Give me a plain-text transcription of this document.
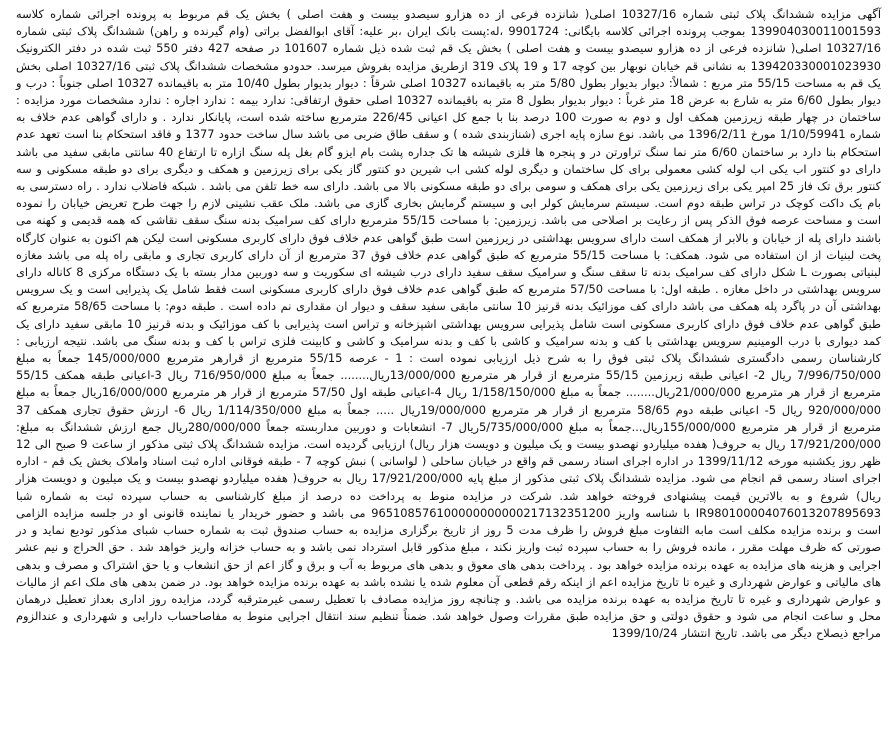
آگهی مزایده ششدانگ پلاک ثبتی شماره 10327/16 اصلی( شانزده فرعی از ده هزارو سیصدو بیست و هفت اصلی ) بخش یک قم مربوط به پرونده اجرائی شماره کلاسه 139904030011001593 بموجب پرونده اجرائی کلاسه بایگانی: 9901724 ،له:پست بانک ایران ،بر علیه: آقای ابوالفضل براتی (وام گیرنده و راهن) ششدانگ پلاک ثبتی شماره 10327/16 اصلی( شانزده فرعی از ده هزارو سیصدو بیست و هفت اصلی ) بخش یک قم ثبت شده ذیل شماره 101607 در صفحه 427 دفتر 550 ثبت شده در دفتر الکترونیک 139420330001023930 به نشانی قم خیابان نوبهار بین کوچه 17 و 19 پلاک 319 ازطریق مزایده بفروش میرسد. حدودو مشخصات ششدانگ پلاک ثبتی 10327/16 اصلی بخش یک قم به مساحت 55/15 متر مربع : شمالاً: دیوار بدیوار بطول 5/80 متر به باقیمانده 10327 اصلی شرقاً : دیوار بدیوار بطول 10/40 متر به باقیمانده 10327 اصلی جنوباً : درب و دیوار بطول 6/60 متر به شارع به عرض 18 متر غرباً : دیوار بدیوار بطول 8 متر به باقیمانده 10327 اصلی حقوق ارتفاقی: ندارد بیمه : ندارد اجاره : ندارد مشخصات مورد مزایده : ساختمان در چهار طبقه زیرزمین همکف اول و دوم به صورت 100 درصد بنا با جمع کل اعیانی 226/45 مترمربع ساخته شده است، پایانکار ندارد . و دارای گواهی عدم خلاف به شماره 1/10/59941 مورخ 1396/2/11 می باشد. نوع سازه پایه اجری (شنازبندی شده ) و سقف طاق ضربی می باشد سال ساخت حدود 1377 و فاقد استحکام بنا است تعهد عدم استحکام بنا دارد بر ساختمان 6/60 متر نما سنگ تراورتن در و پنجره ها فلزی شیشه ها تک جداره پشت بام ایزو گام بغل پله سنگ ازاره تا ارتفاع 40 سانتی مابقی سفید می باشد دارای دو کنتور اب یکی اب لوله کشی معمولی برای کل ساختمان و دیگری لوله کشی اب شیرین دو کنتور گاز یکی برای زیرزمین و همکف و دیگری برای دو طبقه مسکونی و سه کنتور برق تک فاز 25 امپر یکی برای زیرزمین یکی برای همکف و سومی برای دو طبقه مسکونی بالا می باشد. دارای سه خط تلفن می باشد . شبکه فاضلاب ندارد . راه دسترسی به بام یک داکت کوچک در تراس طبقه دوم است. سیستم سرمایش کولر ابی و سیستم گرمایش بخاری گازی می باشد. ملک عقب نشینی لازم را جهت طرح تعریض خیابان را نموده است و مساحت عرصه فوق الذکر پس از رعایت بر اصلاحی می باشد. زیرزمین: با مساحت 55/15 مترمربع دارای کف سرامیک بدنه سنگ سقف نقاشی که همه قدیمی و کهنه می باشند دارای پله از خیابان و بالابر از همکف است دارای سرویس بهداشتی در زیرزمین است طبق گواهی عدم خلاف فوق دارای کاربری مسکونی است لیکن هم اکنون به عنوان کارگاه پخت لبنیات از ان استفاده می شود. همکف: با مساحت 55/15 مترمربع که طبق گواهی عدم خلاف فوق 37 مترمربع از آن دارای کاربری تجاری و مابقی راه پله می باشد مغازه لبنیاتی بصورت L شکل دارای کف سرامیک بدنه تا سقف سنگ و سرامیک سقف سفید دارای درب شیشه ای سکوریت و سه دوربین مدار بسته با یک دستگاه مرکزی 8 کاناله دارای سرویس بهداشتی در داخل مغازه . طبقه اول: با مساحت 57/50 مترمربع که طبق گواهی عدم خلاف فوق دارای کاربری مسکونی است فقط شامل یک پذیرایی است و یک سرویس بهداشتی آن در پاگرد پله همکف می باشد دارای کف موزائیک بدنه قرنیز 10 سانتی مابقی سفید سقف و دیوار ان مقداری نم داده است . طبقه دوم: با مساحت 58/65 مترمربع که طبق گواهی عدم خلاف فوق دارای کاربری مسکونی است شامل پذیرایی سرویس بهداشتی اشپزخانه و تراس است پذیرایی با کف موزائیک و بدنه قرنیز 10 مابقی سفید دارای یک کمد دیواری با درب الومینیم سرویس بهداشتی با کف و بدنه سرامیک و کاشی با کف و بدنه سرامیک و کاشی و کابینت فلزی تراس با کف و بدنه سنگ می باشد. نتیجه ارزیابی : کارشناسان رسمی دادگستری ششدانگ پلاک ثبتی فوق را به شرح ذیل ارزیابی نموده است : 1 - عرصه 55/15 مترمربع از قرارهر مترمربع 145/000/000 جمعاً به مبلغ 7/996/750/000 ریال 2- اعیانی طبقه زیرزمین 55/15 مترمربع از قرار هر مترمربع 13/000/000ریال........ جمعاً به مبلغ 716/950/000 ریال 3-اعیانی طبقه همکف 55/15 مترمربع از قرار هر مترمربع 21/000/000ریال........ جمعاً به مبلغ 1/158/150/000 ریال 4-اعیانی طبقه اول 57/50 مترمربع از قرار هر مترمربع 16/000/000ریال جمعاً به مبلغ 920/000/000 ریال 5- اعیانی طبقه دوم 58/65 مترمربع از قرار هر مترمربع 19/000/000ریال ..... جمعاً به مبلغ 1/114/350/000 ریال 6- ارزش حقوق تجاری همکف 37 مترمربع از قرار هر مترمربع 155/000/000ریال...جمعاً به مبلغ 5/735/000/000ریال 7- انشعابات و دوربین مداربسته جمعاً 280/000/000ریال جمع ارزش ششدانگ به مبلغ: 17/921/200/000 ریال به حروف( هفده میلیاردو نهصدو بیست و یک میلیون و دویست هزار ریال) ارزیابی گردیده است. مزایده ششدانگ پلاک ثبتی مذکور از ساعت 9 صبح الی 12 ظهر روز یکشنبه مورخه 1399/11/12 در اداره اجرای اسناد رسمی قم واقع در خیابان ساحلی ( لواسانی ) نبش کوچه 7 - طبقه فوقانی اداره ثبت اسناد واملاک بخش یک قم - اداره اجرای اسناد رسمی قم انجام می شود. مزایده ششدانگ پلاک ثبتی مذکور از مبلغ پایه 17/921/200/000 ریال به حروف( هفده میلیاردو نهصدو بیست و یک میلیون و دویست هزار ریال) شروع و به بالاترین قیمت پیشنهادی فروخته خواهد شد. شرکت در مزایده منوط به پرداخت ده درصد از مبلغ کارشناسی به حساب سپرده ثبت به شماره شبا IR980100004076013207895693 با شناسه واریز 965108576100000000000217132351200 می باشد و حضور خریدار یا نماینده قانونی او در جلسه مزایده الزامی است و برنده مزایده مکلف است مابه التفاوت مبلغ فروش را ظرف مدت 5 روز از تاریخ برگزاری مزایده به حساب صندوق ثبت به شماره حساب شبای مذکور تودیع نماید و در صورتی که ظرف مهلت مقرر ، مانده فروش را به حساب سپرده ثبت واریز نکند ، مبلغ مذکور قابل استرداد نمی باشد و به حساب خزانه واریز خواهد شد . حق الحراج و نیم عشر اجرایی و هزینه های مزایده به عهده برنده مزایده خواهد بود . پرداخت بدهی های معوق و بدهی های مربوط به آب و برق و گاز اعم از حق انشعاب و یا حق اشتراک و مصرف و بدهی های مالیاتی و عوارض شهرداری و غیره تا تاریخ مزایده اعم از اینکه رقم قطعی آن معلوم شده یا نشده باشد به عهده برنده مزایده خواهد بود. در ضمن بدهی های ملک اعم از مالیات و عوارض شهرداری و غیره تا تاریخ مزایده به عهده برنده مزایده می باشد. و چنانچه روز مزایده مصادف با تعطیل رسمی غیرمترقبه گردد، مزایده روز اداری بعداز تعطیل درهمان محل و ساعت انجام می شود و حقوق دولتی و حق مزایده طبق مقررات وصول خواهد شد. ضمناً تنظیم سند انتقال اجرایی منوط به مفاصاحساب دارایی و شهرداری و عندالزوم مراجع ذیصلاح دیگر می باشد. تاریخ انتشار 1399/10/24
